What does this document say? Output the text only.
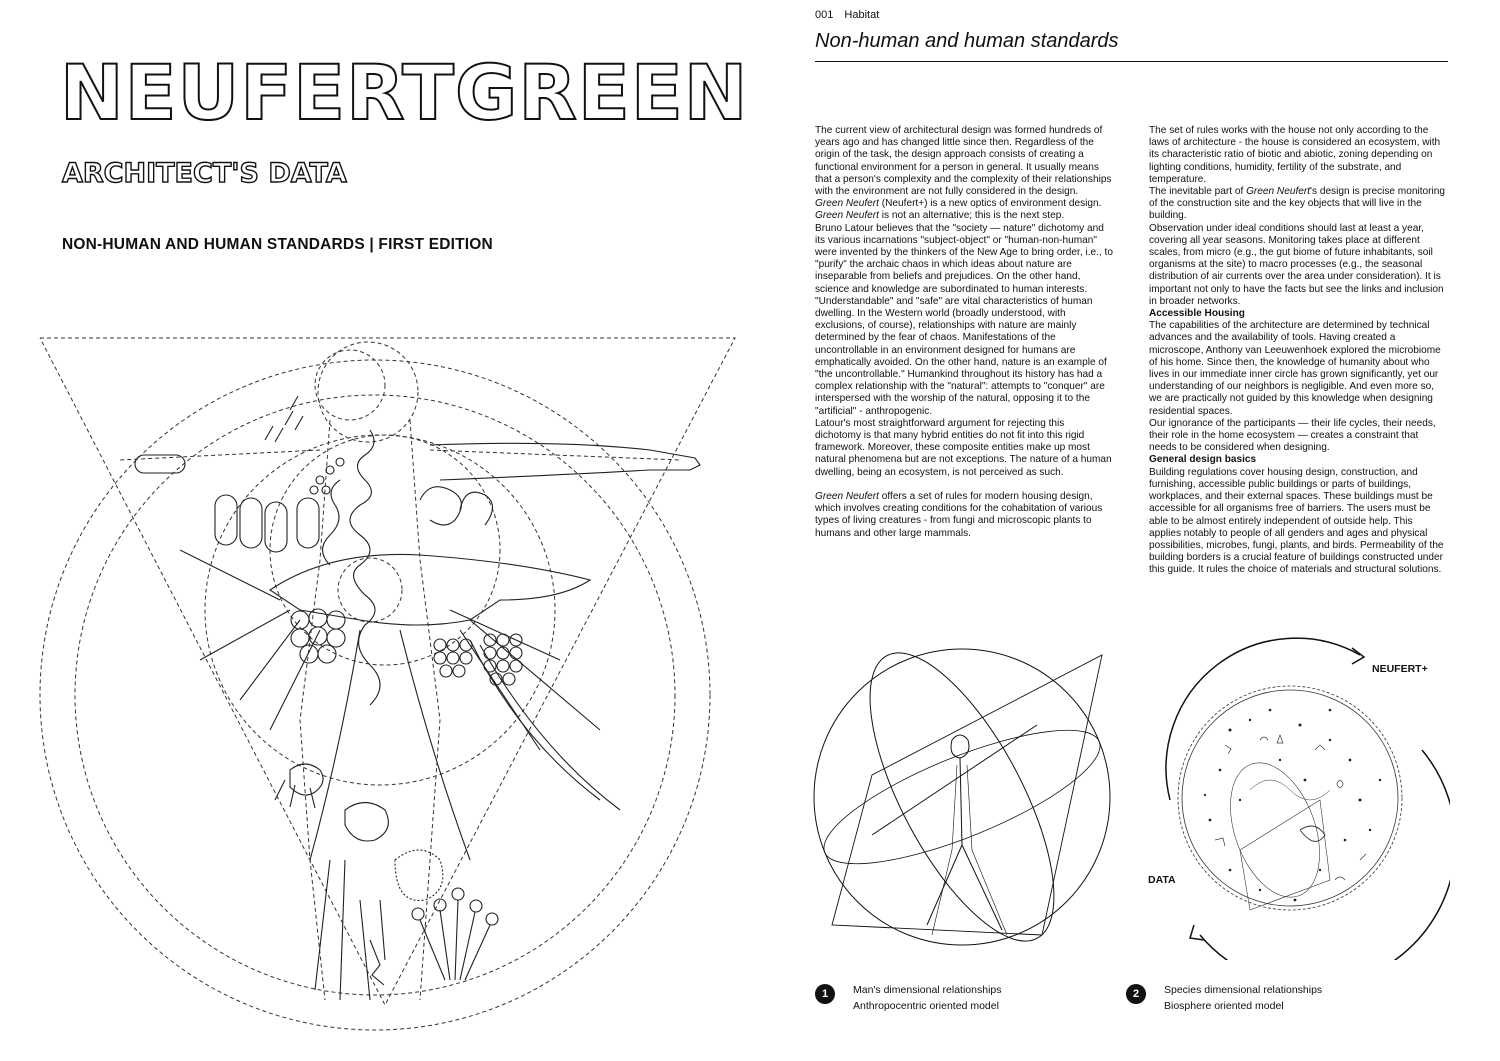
NEUFERTGREEN
ARCHITECT'S DATA
NON-HUMAN AND HUMAN STANDARDS | FIRST EDITION
001 Habitat
Non-human and human standards

The current view of architectural design was formed hundreds of years ago and has changed little since then. Regardless of the origin of the task, the design approach consists of creating a functional environment for a person in general. It usually means that a person's complexity and the complexity of their relationships with the environment are not fully considered in the design.

Green Neufert (Neufert+) is a new optics of environment design. Green Neufert is not an alternative; this is the next step.

Bruno Latour believes that the "society — nature" dichotomy and its various incarnations "subject-object" or "human-non-human" were invented by the thinkers of the New Age to bring order, i.e., to "purify" the archaic chaos in which ideas about nature are inseparable from beliefs and prejudices. On the other hand, science and knowledge are subordinated to human interests.

"Understandable" and "safe" are vital characteristics of human dwelling. In the Western world (broadly understood, with exclusions, of course), relationships with nature are mainly determined by the fear of chaos. Manifestations of the uncontrollable in an environment designed for humans are emphatically avoided. On the other hand, nature is an example of "the uncontrollable." Humankind throughout its history has had a complex relationship with the "natural": attempts to "conquer" are interspersed with the worship of the natural, opposing it to the "artificial" - anthropogenic.

Latour's most straightforward argument for rejecting this dichotomy is that many hybrid entities do not fit into this rigid framework. Moreover, these composite entities make up most natural phenomena but are not exceptions. The nature of a human dwelling, being an ecosystem, is not perceived as such.

Green Neufert offers a set of rules for modern housing design, which involves creating conditions for the cohabitation of various types of living creatures - from fungi and microscopic plants to humans and other large mammals.

The set of rules works with the house not only according to the laws of architecture - the house is considered an ecosystem, with its characteristic ratio of biotic and abiotic, zoning depending on lighting conditions, humidity, fertility of the substrate, and temperature.

The inevitable part of Green Neufert's design is precise monitoring of the construction site and the key objects that will live in the building.

Observation under ideal conditions should last at least a year, covering all year seasons. Monitoring takes place at different scales, from micro (e.g., the gut biome of future inhabitants, soil organisms at the site) to macro processes (e.g., the seasonal distribution of air currents over the area under consideration). It is important not only to have the facts but see the links and inclusion in broader networks.

Accessible Housing

The capabilities of the architecture are determined by technical advances and the availability of tools. Having created a microscope, Anthony van Leeuwenhoek explored the microbiome of his home. Since then, the knowledge of humanity about who lives in our immediate inner circle has grown significantly, yet our understanding of our neighbors is negligible. And even more so, we are practically not guided by this knowledge when designing residential spaces.

Our ignorance of the participants — their life cycles, their needs, their role in the home ecosystem — creates a constraint that needs to be considered when designing.

General design basics

Building regulations cover housing design, construction, and furnishing, accessible public buildings or parts of buildings, workplaces, and their external spaces. These buildings must be accessible for all organisms free of barriers. The users must be able to be almost entirely independent of outside help. This applies notably to people of all genders and ages and physical possibilities, microbes, fungi, plants, and birds. Permeability of the building borders is a crucial feature of buildings constructed under this guide. It rules the choice of materials and structural solutions.

NEUFERT+
DATA
1	Man's dimensional relationships
Anthropocentric oriented model
2	Species dimensional relationships
Biosphere oriented model
